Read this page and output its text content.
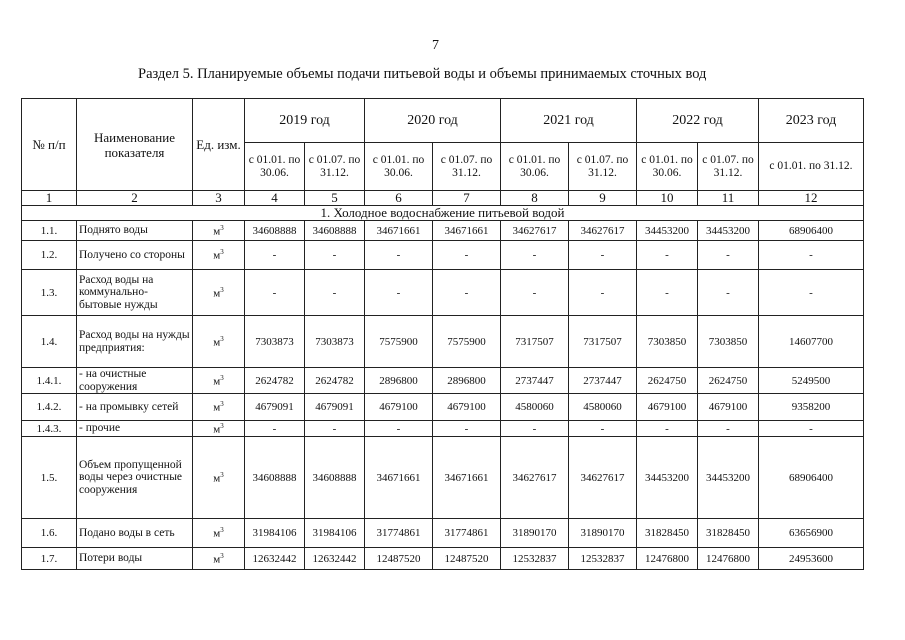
7
Раздел 5. Планируемые объемы подачи питьевой воды и объемы принимаемых сточных вод
№ п/п	Наименование показателя	Ед. изм.	2019 год		2020 год		2021 год		2022 год		2023 год
			с 01.01. по 30.06.	с 01.07. по 31.12.	с 01.01. по 30.06.	с 01.07. по 31.12.	с 01.01. по 30.06.	с 01.07. по 31.12.	с 01.01. по 30.06.	с 01.07. по 31.12.	с 01.01. по 31.12.
1	2	3	4	5	6	7	8	9	10	11	12
1. Холодное водоснабжение питьевой водой											
1.1.	Поднято воды	$м^3$	34608888	34608888	34671661	34671661	34627617	34627617	34453200	34453200	68906400
1.2.	Получено со стороны	$м^3$	-	-	-	-	-	-	-	-	-
1.3.	Расход воды на коммунально-бытовые нужды	$м^3$	-	-	-	-	-	-	-	-	-
1.4.	Расход воды на нужды предприятия:	$м^3$	7303873	7303873	7575900	7575900	7317507	7317507	7303850	7303850	14607700
1.4.1.	- на очистные сооружения	$м^3$	2624782	2624782	2896800	2896800	2737447	2737447	2624750	2624750	5249500
1.4.2.	- на промывку сетей	$м^3$	4679091	4679091	4679100	4679100	4580060	4580060	4679100	4679100	9358200
1.4.3.	- прочие	$м^3$	-	-	-	-	-	-	-	-	-
1.5.	Объем пропущенной воды через очистные сооружения	$м^3$	34608888	34608888	34671661	34671661	34627617	34627617	34453200	34453200	68906400
1.6.	Подано воды в сеть	$м^3$	31984106	31984106	31774861	31774861	31890170	31890170	31828450	31828450	63656900
1.7.	Потери воды	$м^3$	12632442	12632442	12487520	12487520	12532837	12532837	12476800	12476800	24953600
